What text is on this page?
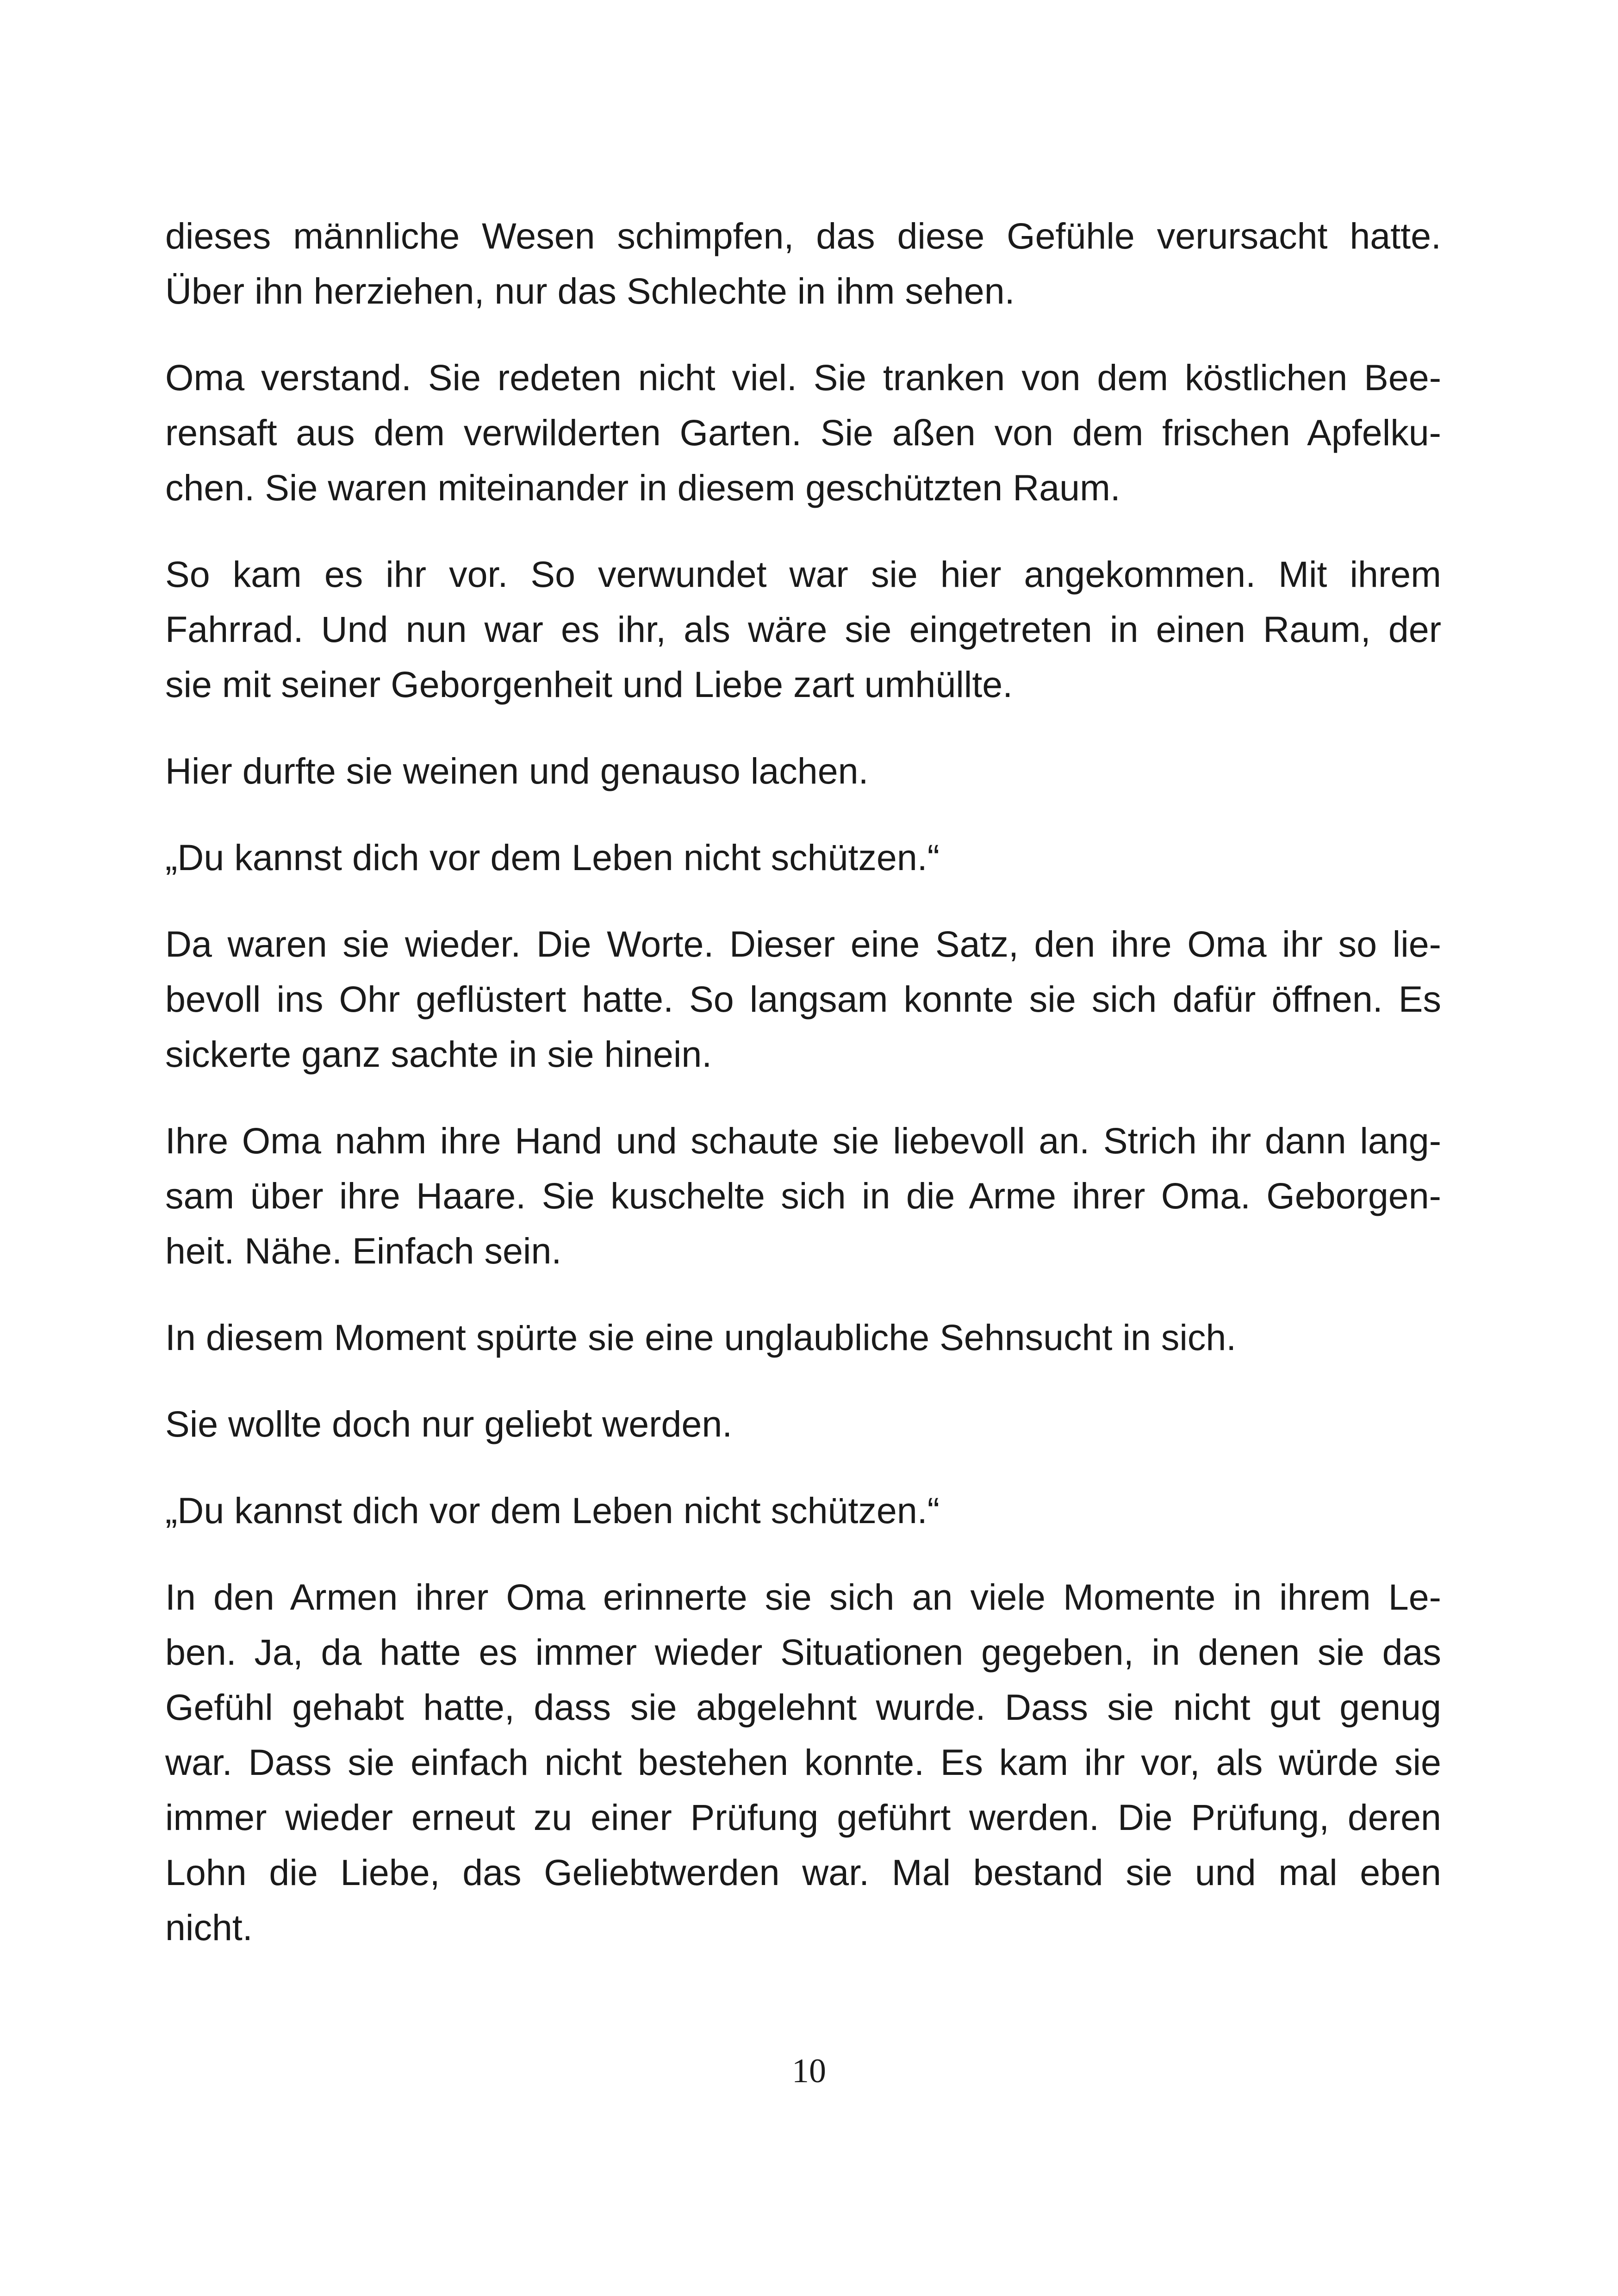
dieses männliche Wesen schimpfen, das diese Gefühle verursacht hatte.
Über ihn herziehen, nur das Schlechte in ihm sehen.

Oma verstand. Sie redeten nicht viel. Sie tranken von dem köstlichen Bee-
rensaft aus dem verwilderten Garten. Sie aßen von dem frischen Apfelku-
chen. Sie waren miteinander in diesem geschützten Raum.

So kam es ihr vor. So verwundet war sie hier angekommen. Mit ihrem
Fahrrad. Und nun war es ihr, als wäre sie eingetreten in einen Raum, der
sie mit seiner Geborgenheit und Liebe zart umhüllte.

Hier durfte sie weinen und genauso lachen.

„Du kannst dich vor dem Leben nicht schützen.“

Da waren sie wieder. Die Worte. Dieser eine Satz, den ihre Oma ihr so lie-
bevoll ins Ohr geflüstert hatte. So langsam konnte sie sich dafür öffnen. Es
sickerte ganz sachte in sie hinein.

Ihre Oma nahm ihre Hand und schaute sie liebevoll an. Strich ihr dann lang-
sam über ihre Haare. Sie kuschelte sich in die Arme ihrer Oma. Geborgen-
heit. Nähe. Einfach sein.

In diesem Moment spürte sie eine unglaubliche Sehnsucht in sich.

Sie wollte doch nur geliebt werden.

„Du kannst dich vor dem Leben nicht schützen.“

In den Armen ihrer Oma erinnerte sie sich an viele Momente in ihrem Le-
ben. Ja, da hatte es immer wieder Situationen gegeben, in denen sie das
Gefühl gehabt hatte, dass sie abgelehnt wurde. Dass sie nicht gut genug
war. Dass sie einfach nicht bestehen konnte. Es kam ihr vor, als würde sie
immer wieder erneut zu einer Prüfung geführt werden. Die Prüfung, deren
Lohn die Liebe, das Geliebtwerden war. Mal bestand sie und mal eben
nicht.

10
